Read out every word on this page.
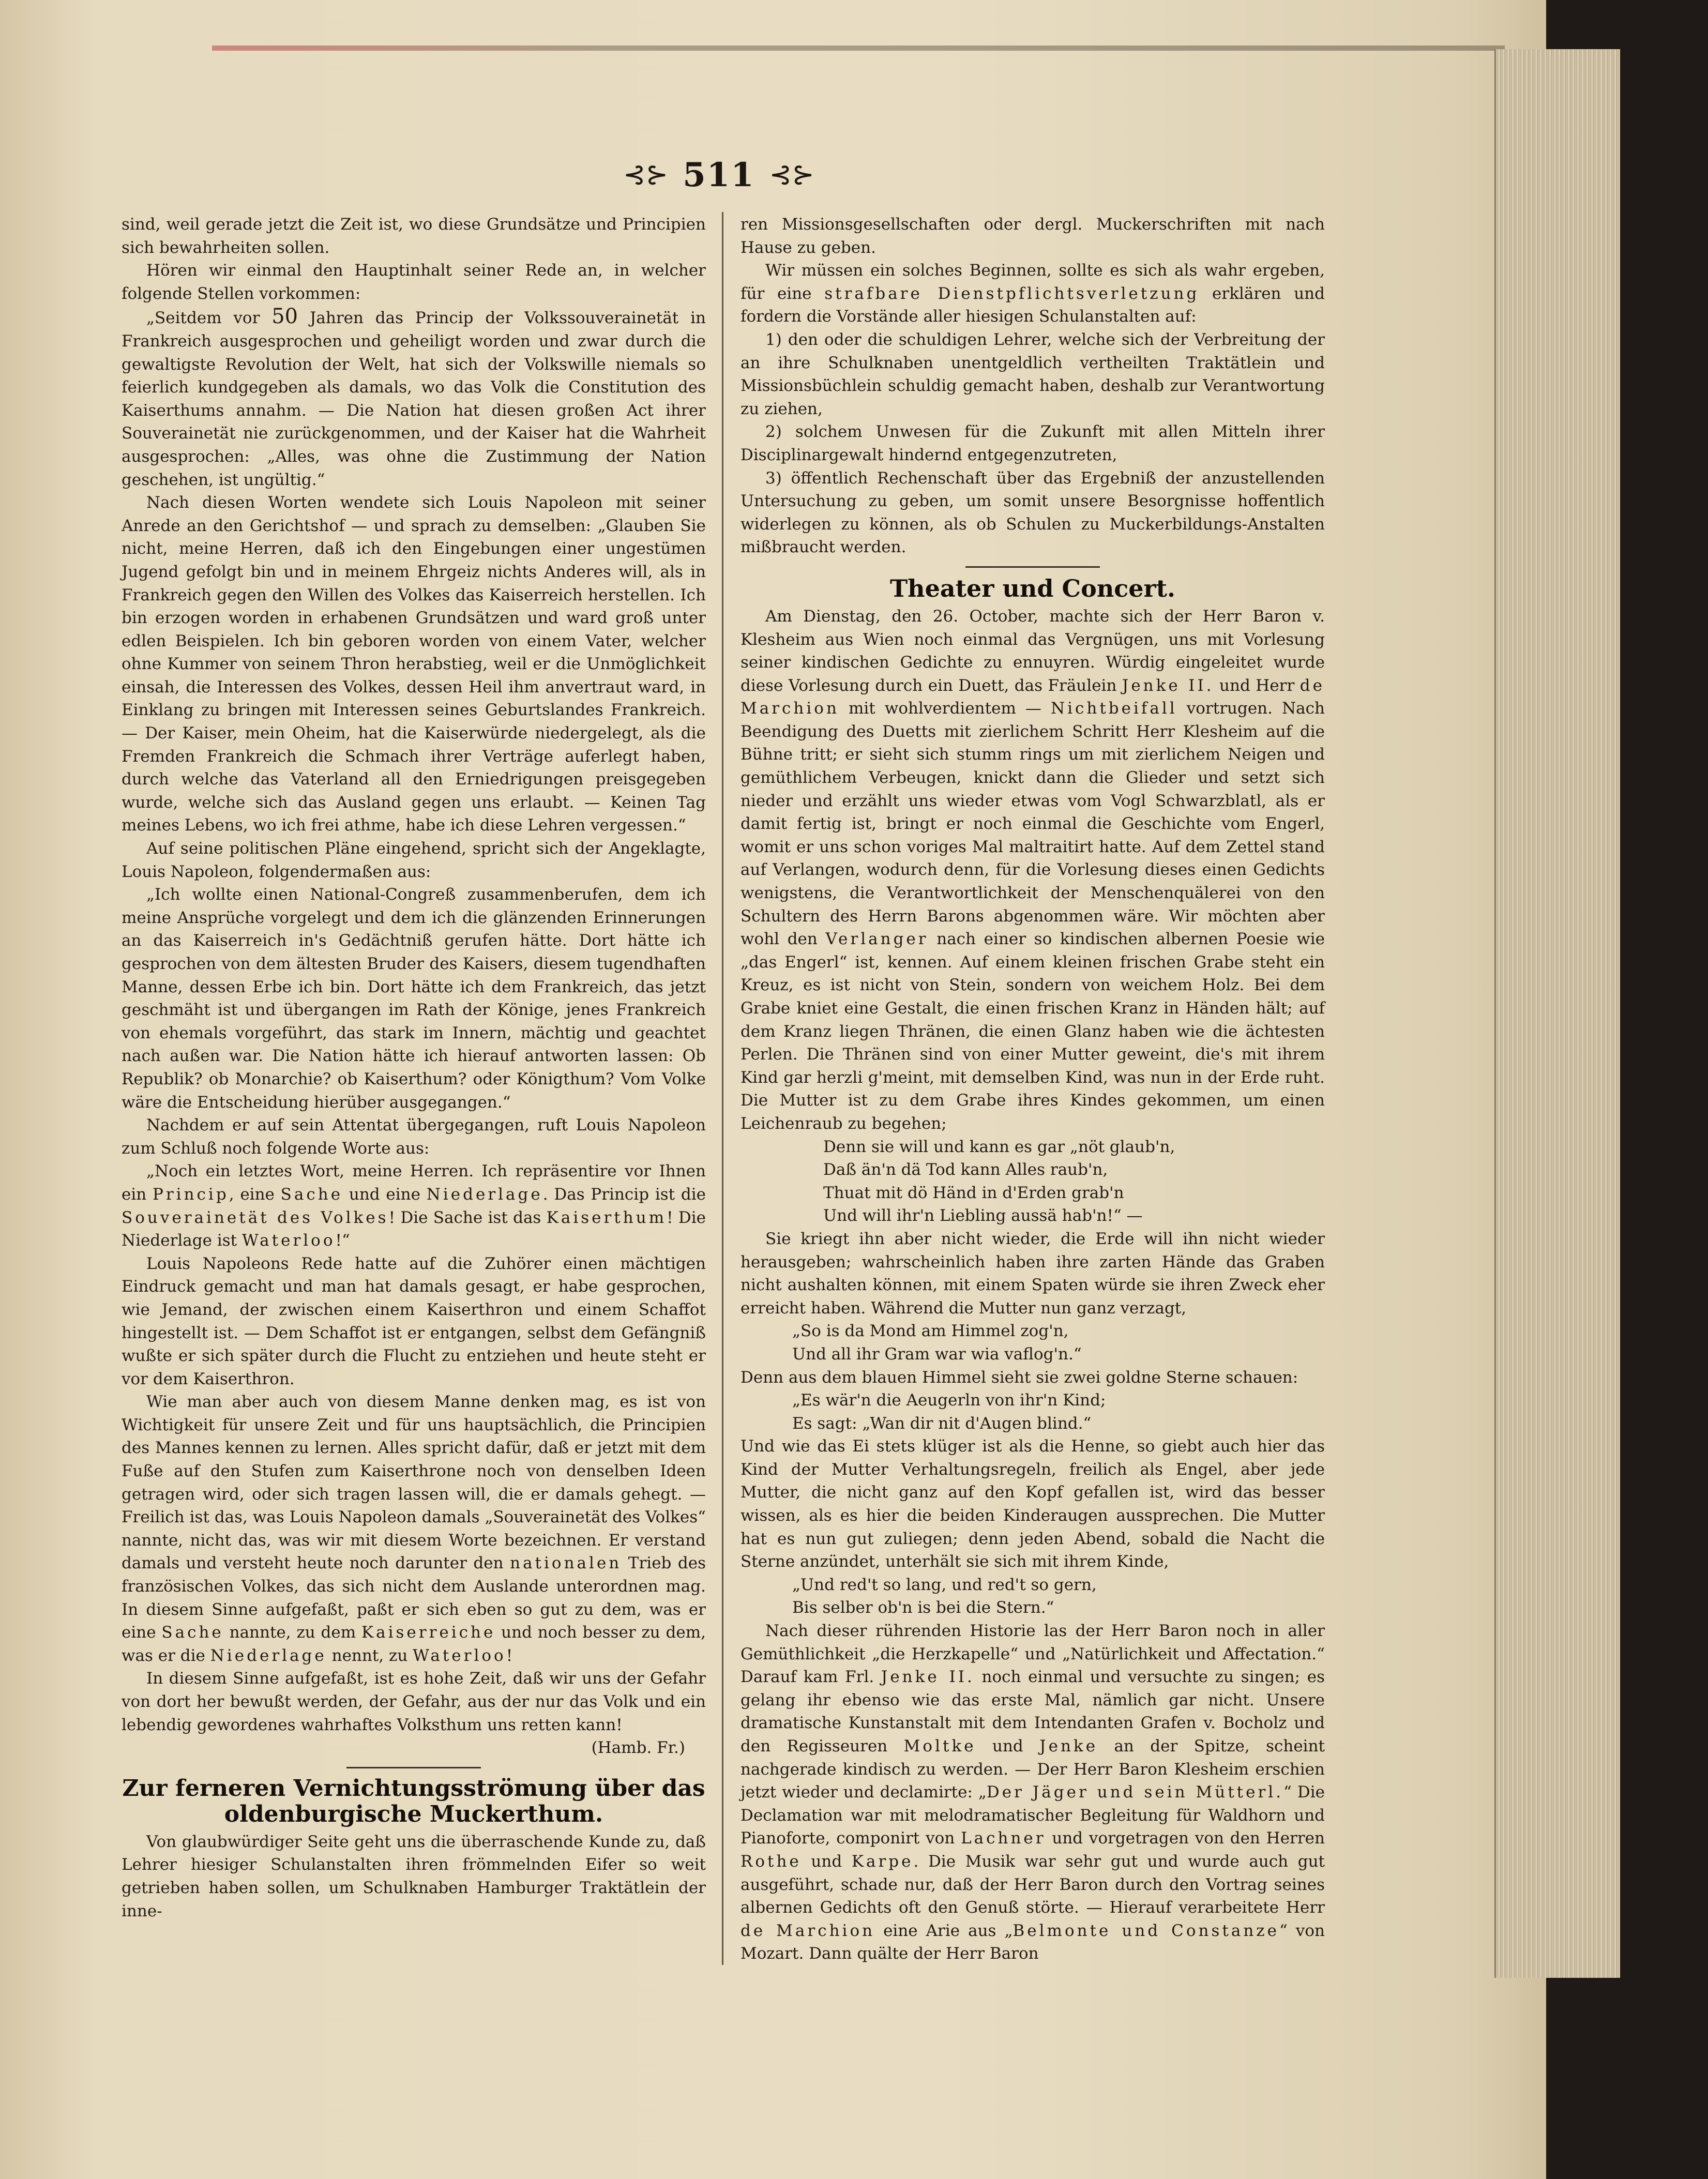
⊰⊱ 511 ⊰⊱

sind, weil gerade jetzt die Zeit ist, wo diese Grundsätze und Principien sich bewahrheiten sollen.

Hören wir einmal den Hauptinhalt seiner Rede an, in welcher folgende Stellen vorkommen:

„Seitdem vor 50 Jahren das Princip der Volkssouverainetät in Frankreich ausgesprochen und geheiligt worden und zwar durch die gewaltigste Revolution der Welt, hat sich der Volkswille niemals so feierlich kundgegeben als damals, wo das Volk die Constitution des Kaiserthums annahm. — Die Nation hat diesen großen Act ihrer Souverainetät nie zurückgenommen, und der Kaiser hat die Wahrheit ausgesprochen: „Alles, was ohne die Zustimmung der Nation geschehen, ist ungültig.“

Nach diesen Worten wendete sich Louis Napoleon mit seiner Anrede an den Gerichtshof — und sprach zu demselben: „Glauben Sie nicht, meine Herren, daß ich den Eingebungen einer ungestümen Jugend gefolgt bin und in meinem Ehrgeiz nichts Anderes will, als in Frankreich gegen den Willen des Volkes das Kaiserreich herstellen. Ich bin erzogen worden in erhabenen Grundsätzen und ward groß unter edlen Beispielen. Ich bin geboren worden von einem Vater, welcher ohne Kummer von seinem Thron herabstieg, weil er die Unmöglichkeit einsah, die Interessen des Volkes, dessen Heil ihm anvertraut ward, in Einklang zu bringen mit Interessen seines Geburtslandes Frankreich. — Der Kaiser, mein Oheim, hat die Kaiserwürde niedergelegt, als die Fremden Frankreich die Schmach ihrer Verträge auferlegt haben, durch welche das Vaterland all den Erniedrigungen preisgegeben wurde, welche sich das Ausland gegen uns erlaubt. — Keinen Tag meines Lebens, wo ich frei athme, habe ich diese Lehren vergessen.“

Auf seine politischen Pläne eingehend, spricht sich der Angeklagte, Louis Napoleon, folgendermaßen aus:

„Ich wollte einen National-Congreß zusammenberufen, dem ich meine Ansprüche vorgelegt und dem ich die glänzenden Erinnerungen an das Kaiserreich in's Gedächtniß gerufen hätte. Dort hätte ich gesprochen von dem ältesten Bruder des Kaisers, diesem tugendhaften Manne, dessen Erbe ich bin. Dort hätte ich dem Frankreich, das jetzt geschmäht ist und übergangen im Rath der Könige, jenes Frankreich von ehemals vorgeführt, das stark im Innern, mächtig und geachtet nach außen war. Die Nation hätte ich hierauf antworten lassen: Ob Republik? ob Monarchie? ob Kaiserthum? oder Königthum? Vom Volke wäre die Entscheidung hierüber ausgegangen.“

Nachdem er auf sein Attentat übergegangen, ruft Louis Napoleon zum Schluß noch folgende Worte aus:

„Noch ein letztes Wort, meine Herren. Ich repräsentire vor Ihnen ein Princip, eine Sache und eine Niederlage. Das Princip ist die Souverainetät des Volkes! Die Sache ist das Kaiserthum! Die Niederlage ist Waterloo!“

Louis Napoleons Rede hatte auf die Zuhörer einen mächtigen Eindruck gemacht und man hat damals gesagt, er habe gesprochen, wie Jemand, der zwischen einem Kaiserthron und einem Schaffot hingestellt ist. — Dem Schaffot ist er entgangen, selbst dem Gefängniß wußte er sich später durch die Flucht zu entziehen und heute steht er vor dem Kaiserthron.

Wie man aber auch von diesem Manne denken mag, es ist von Wichtigkeit für unsere Zeit und für uns hauptsächlich, die Principien des Mannes kennen zu lernen. Alles spricht dafür, daß er jetzt mit dem Fuße auf den Stufen zum Kaiserthrone noch von denselben Ideen getragen wird, oder sich tragen lassen will, die er damals gehegt. — Freilich ist das, was Louis Napoleon damals „Souverainetät des Volkes“ nannte, nicht das, was wir mit diesem Worte bezeichnen. Er verstand damals und versteht heute noch darunter den nationalen Trieb des französischen Volkes, das sich nicht dem Auslande unterordnen mag. In diesem Sinne aufgefaßt, paßt er sich eben so gut zu dem, was er eine Sache nannte, zu dem Kaiserreiche und noch besser zu dem, was er die Niederlage nennt, zu Waterloo!

In diesem Sinne aufgefaßt, ist es hohe Zeit, daß wir uns der Gefahr von dort her bewußt werden, der Gefahr, aus der nur das Volk und ein lebendig gewordenes wahrhaftes Volksthum uns retten kann!

(Hamb. Fr.)

Zur ferneren Vernichtungsströmung über das oldenburgische Muckerthum.

Von glaubwürdiger Seite geht uns die überraschende Kunde zu, daß Lehrer hiesiger Schulanstalten ihren frömmelnden Eifer so weit getrieben haben sollen, um Schulknaben Hamburger Traktätlein der inne-

ren Missionsgesellschaften oder dergl. Muckerschriften mit nach Hause zu geben.

Wir müssen ein solches Beginnen, sollte es sich als wahr ergeben, für eine strafbare Dienstpflichtsverletzung erklären und fordern die Vorstände aller hiesigen Schulanstalten auf:

1) den oder die schuldigen Lehrer, welche sich der Verbreitung der an ihre Schulknaben unentgeldlich vertheilten Traktätlein und Missionsbüchlein schuldig gemacht haben, deshalb zur Verantwortung zu ziehen,

2) solchem Unwesen für die Zukunft mit allen Mitteln ihrer Disciplinargewalt hindernd entgegenzutreten,

3) öffentlich Rechenschaft über das Ergebniß der anzustellenden Untersuchung zu geben, um somit unsere Besorgnisse hoffentlich widerlegen zu können, als ob Schulen zu Muckerbildungs-Anstalten mißbraucht werden.

Theater und Concert.

Am Dienstag, den 26. October, machte sich der Herr Baron v. Klesheim aus Wien noch einmal das Vergnügen, uns mit Vorlesung seiner kindischen Gedichte zu ennuyren. Würdig eingeleitet wurde diese Vorlesung durch ein Duett, das Fräulein Jenke II. und Herr de Marchion mit wohlverdientem — Nichtbeifall vortrugen. Nach Beendigung des Duetts mit zierlichem Schritt Herr Klesheim auf die Bühne tritt; er sieht sich stumm rings um mit zierlichem Neigen und gemüthlichem Verbeugen, knickt dann die Glieder und setzt sich nieder und erzählt uns wieder etwas vom Vogl Schwarzblatl, als er damit fertig ist, bringt er noch einmal die Geschichte vom Engerl, womit er uns schon voriges Mal maltraitirt hatte. Auf dem Zettel stand auf Verlangen, wodurch denn, für die Vorlesung dieses einen Gedichts wenigstens, die Verantwortlichkeit der Menschenquälerei von den Schultern des Herrn Barons abgenommen wäre. Wir möchten aber wohl den Verlanger nach einer so kindischen albernen Poesie wie „das Engerl“ ist, kennen. Auf einem kleinen frischen Grabe steht ein Kreuz, es ist nicht von Stein, sondern von weichem Holz. Bei dem Grabe kniet eine Gestalt, die einen frischen Kranz in Händen hält; auf dem Kranz liegen Thränen, die einen Glanz haben wie die ächtesten Perlen. Die Thränen sind von einer Mutter geweint, die's mit ihrem Kind gar herzli g'meint, mit demselben Kind, was nun in der Erde ruht. Die Mutter ist zu dem Grabe ihres Kindes gekommen, um einen Leichenraub zu begehen;

Denn sie will und kann es gar „nöt glaub'n,

Daß än'n dä Tod kann Alles raub'n,

Thuat mit dö Händ in d'Erden grab'n

Und will ihr'n Liebling aussä hab'n!“ —

Sie kriegt ihn aber nicht wieder, die Erde will ihn nicht wieder herausgeben; wahrscheinlich haben ihre zarten Hände das Graben nicht aushalten können, mit einem Spaten würde sie ihren Zweck eher erreicht haben. Während die Mutter nun ganz verzagt,

„So is da Mond am Himmel zog'n,

Und all ihr Gram war wia vaflog'n.“

Denn aus dem blauen Himmel sieht sie zwei goldne Sterne schauen:

„Es wär'n die Aeugerln von ihr'n Kind;

Es sagt: „Wan dir nit d'Augen blind.“

Und wie das Ei stets klüger ist als die Henne, so giebt auch hier das Kind der Mutter Verhaltungsregeln, freilich als Engel, aber jede Mutter, die nicht ganz auf den Kopf gefallen ist, wird das besser wissen, als es hier die beiden Kinderaugen aussprechen. Die Mutter hat es nun gut zuliegen; denn jeden Abend, sobald die Nacht die Sterne anzündet, unterhält sie sich mit ihrem Kinde,

„Und red't so lang, und red't so gern,

Bis selber ob'n is bei die Stern.“

Nach dieser rührenden Historie las der Herr Baron noch in aller Gemüthlichkeit „die Herzkapelle“ und „Natürlichkeit und Affectation.“ Darauf kam Frl. Jenke II. noch einmal und versuchte zu singen; es gelang ihr ebenso wie das erste Mal, nämlich gar nicht. Unsere dramatische Kunstanstalt mit dem Intendanten Grafen v. Bocholz und den Regisseuren Moltke und Jenke an der Spitze, scheint nachgerade kindisch zu werden. — Der Herr Baron Klesheim erschien jetzt wieder und declamirte: „Der Jäger und sein Mütterl.“ Die Declamation war mit melodramatischer Begleitung für Waldhorn und Pianoforte, componirt von Lachner und vorgetragen von den Herren Rothe und Karpe. Die Musik war sehr gut und wurde auch gut ausgeführt, schade nur, daß der Herr Baron durch den Vortrag seines albernen Gedichts oft den Genuß störte. — Hierauf verarbeitete Herr de Marchion eine Arie aus „Belmonte und Constanze“ von Mozart. Dann quälte der Herr Baron
